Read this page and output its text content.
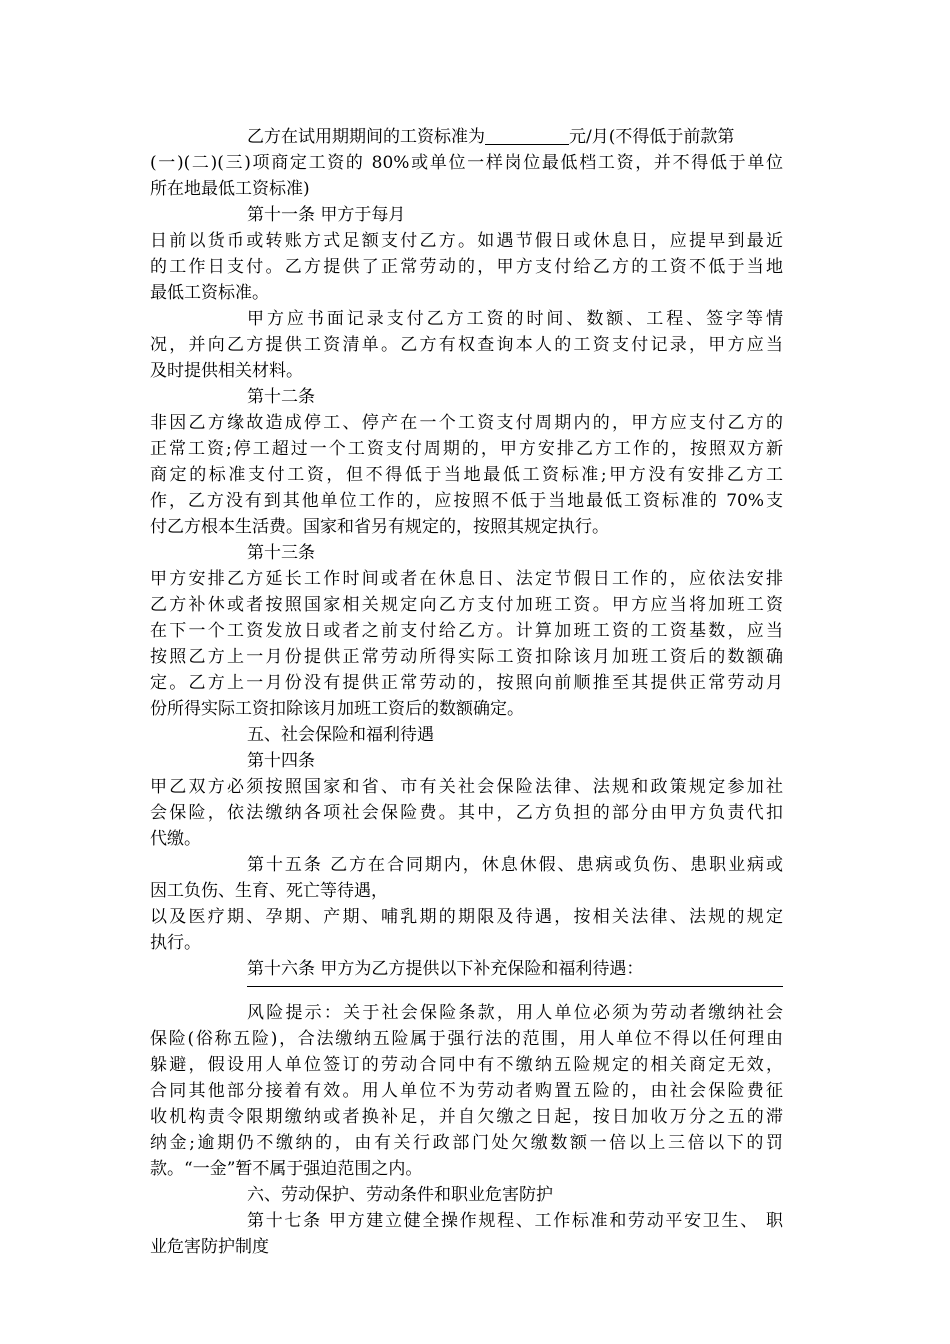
乙方在试用期期间的工资标准为	元/月(不得低于前款第
(一)(二)(三)项商定工资的 80%或单位一样岗位最低档工资，并不得低于单位
所在地最低工资标准)
第十一条 甲方于每月
日前以货币或转账方式足额支付乙方。如遇节假日或休息日，应提早到最近
的工作日支付。乙方提供了正常劳动的，甲方支付给乙方的工资不低于当地
最低工资标准。
甲方应书面记录支付乙方工资的时间、数额、工程、签字等情
况，并向乙方提供工资清单。乙方有权查询本人的工资支付记录，甲方应当
及时提供相关材料。
第十二条
非因乙方缘故造成停工、停产在一个工资支付周期内的，甲方应支付乙方的
正常工资;停工超过一个工资支付周期的，甲方安排乙方工作的，按照双方新
商定的标准支付工资，但不得低于当地最低工资标准;甲方没有安排乙方工
作，乙方没有到其他单位工作的，应按照不低于当地最低工资标准的 70%支
付乙方根本生活费。国家和省另有规定的，按照其规定执行。
第十三条
甲方安排乙方延长工作时间或者在休息日、法定节假日工作的，应依法安排
乙方补休或者按照国家相关规定向乙方支付加班工资。甲方应当将加班工资
在下一个工资发放日或者之前支付给乙方。计算加班工资的工资基数，应当
按照乙方上一月份提供正常劳动所得实际工资扣除该月加班工资后的数额确
定。乙方上一月份没有提供正常劳动的，按照向前顺推至其提供正常劳动月
份所得实际工资扣除该月加班工资后的数额确定。
五、社会保险和福利待遇
第十四条
甲乙双方必须按照国家和省、市有关社会保险法律、法规和政策规定参加社
会保险，依法缴纳各项社会保险费。其中，乙方负担的部分由甲方负责代扣
代缴。
第十五条 乙方在合同期内，休息休假、患病或负伤、患职业病或
因工负伤、生育、死亡等待遇，
以及医疗期、孕期、产期、哺乳期的期限及待遇，按相关法律、法规的规定
执行。
第十六条 甲方为乙方提供以下补充保险和福利待遇：
风险提示：关于社会保险条款，用人单位必须为劳动者缴纳社会
保险(俗称五险)，合法缴纳五险属于强行法的范围，用人单位不得以任何理由
躲避，假设用人单位签订的劳动合同中有不缴纳五险规定的相关商定无效，
合同其他部分接着有效。用人单位不为劳动者购置五险的，由社会保险费征
收机构责令限期缴纳或者换补足，并自欠缴之日起，按日加收万分之五的滞
纳金;逾期仍不缴纳的，由有关行政部门处欠缴数额一倍以上三倍以下的罚
款。“一金”暂不属于强迫范围之内。
六、劳动保护、劳动条件和职业危害防护
第十七条 甲方建立健全操作规程、工作标准和劳动平安卫生、 职
业危害防护制度
